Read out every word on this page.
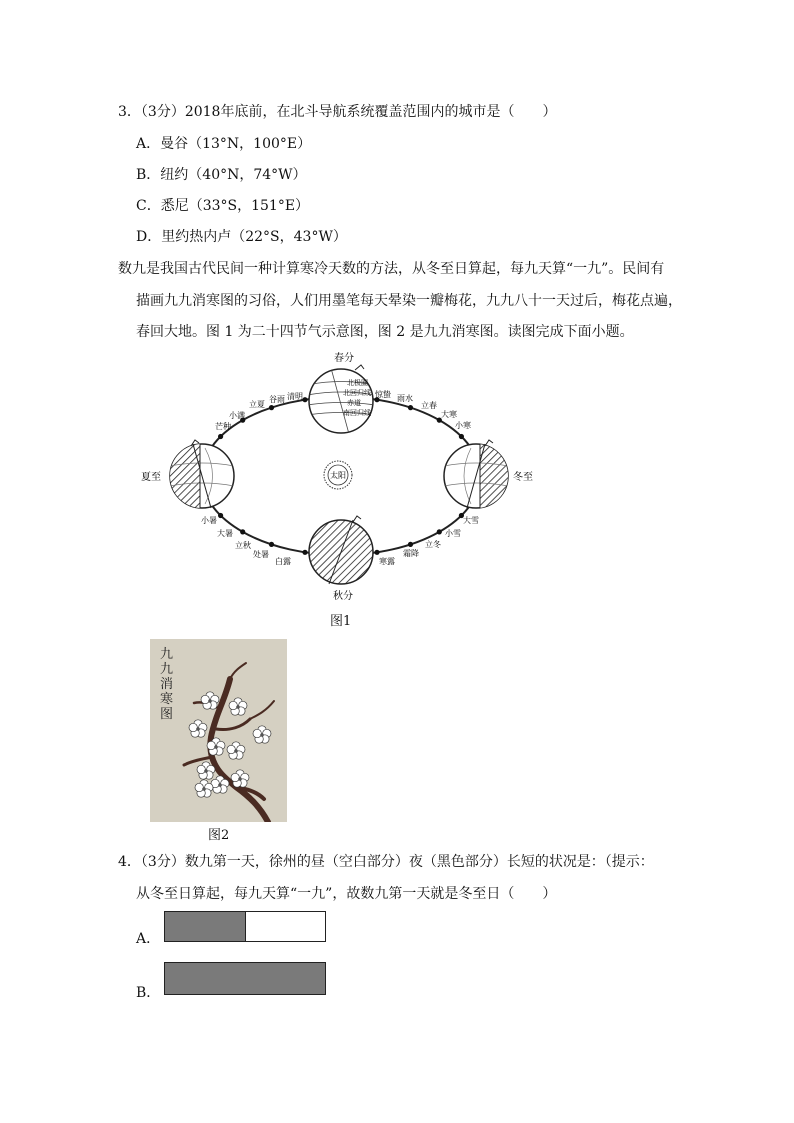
3．（3分）2018年底前，在北斗导航系统覆盖范围内的城市是（　　）
A．曼谷（13°N，100°E）
B．纽约（40°N，74°W）
C．悉尼（33°S，151°E）
D．里约热内卢（22°S，43°W）
数九是我国古代民间一种计算寒冷天数的方法，从冬至日算起，每九天算“一九”。民间有
描画九九消寒图的习俗，人们用墨笔每天晕染一瓣梅花，九九八十一天过后，梅花点遍，
春回大地。图 1 为二十四节气示意图，图 2 是九九消寒图。读图完成下面小题。
太阳
北极圈
北回归线
赤道
南回归线
春分
夏至	冬至
秋分
清明
谷雨
立夏
小满
芒种
小暑
大暑
立秋
处暑
白露	寒露
霜降
立冬
小雪
大雪
小寒
大寒
立春
雨水
惊蛰
图1
九九消寒图
图2
4．（3分）数九第一天，徐州的昼（空白部分）夜（黑色部分）长短的状况是：（提示：
从冬至日算起，每九天算“一九”，故数九第一天就是冬至日（　　）
A．
B．
